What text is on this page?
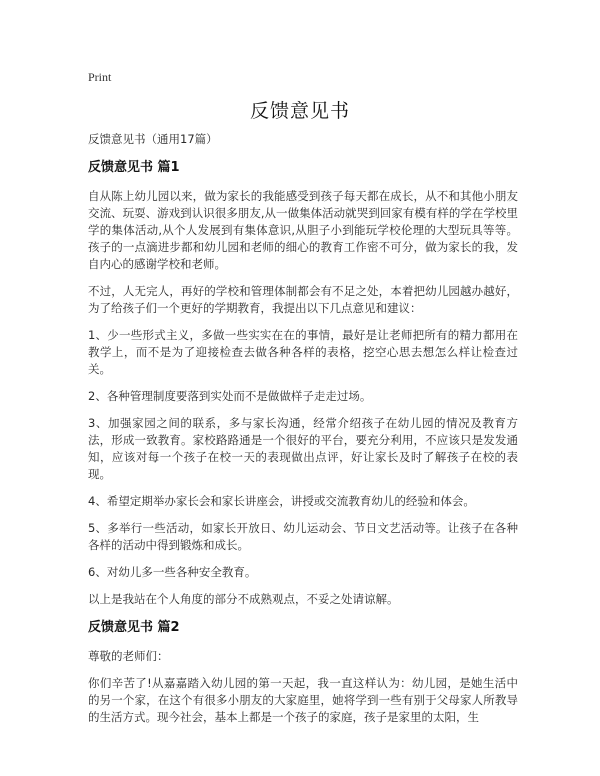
Print
反馈意见书

反馈意见书（通用17篇）

反馈意见书 篇1

自从陈上幼儿园以来，做为家长的我能感受到孩子每天都在成长，从不和其他小朋友交流、玩耍、游戏到认识很多朋友,从一做集体活动就哭到回家有模有样的学在学校里学的集体活动,从个人发展到有集体意识,从胆子小到能玩学校伦理的大型玩具等等。孩子的一点滴进步都和幼儿园和老师的细心的教育工作密不可分，做为家长的我，发自内心的感谢学校和老师。

不过，人无完人，再好的学校和管理体制都会有不足之处，本着把幼儿园越办越好，为了给孩子们一个更好的学期教育，我提出以下几点意见和建议：

1、少一些形式主义，多做一些实实在在的事情，最好是让老师把所有的精力都用在教学上，而不是为了迎接检查去做各种各样的表格，挖空心思去想怎么样让检查过关。

2、各种管理制度要落到实处而不是做做样子走走过场。

3、加强家园之间的联系，多与家长沟通，经常介绍孩子在幼儿园的情况及教育方法，形成一致教育。家校路路通是一个很好的平台，要充分利用，不应该只是发发通知，应该对每一个孩子在校一天的表现做出点评，好让家长及时了解孩子在校的表现。

4、希望定期举办家长会和家长讲座会，讲授或交流教育幼儿的经验和体会。

5、多举行一些活动，如家长开放日、幼儿运动会、节日文艺活动等。让孩子在各种各样的活动中得到锻炼和成长。

6、对幼儿多一些各种安全教育。

以上是我站在个人角度的部分不成熟观点，不妥之处请谅解。

反馈意见书 篇2

尊敬的老师们：

你们辛苦了!从嘉嘉踏入幼儿园的第一天起，我一直这样认为：幼儿园，是她生活中的另一个家，在这个有很多小朋友的大家庭里，她将学到一些有别于父母家人所教导的生活方式。现今社会，基本上都是一个孩子的家庭，孩子是家里的太阳，生
